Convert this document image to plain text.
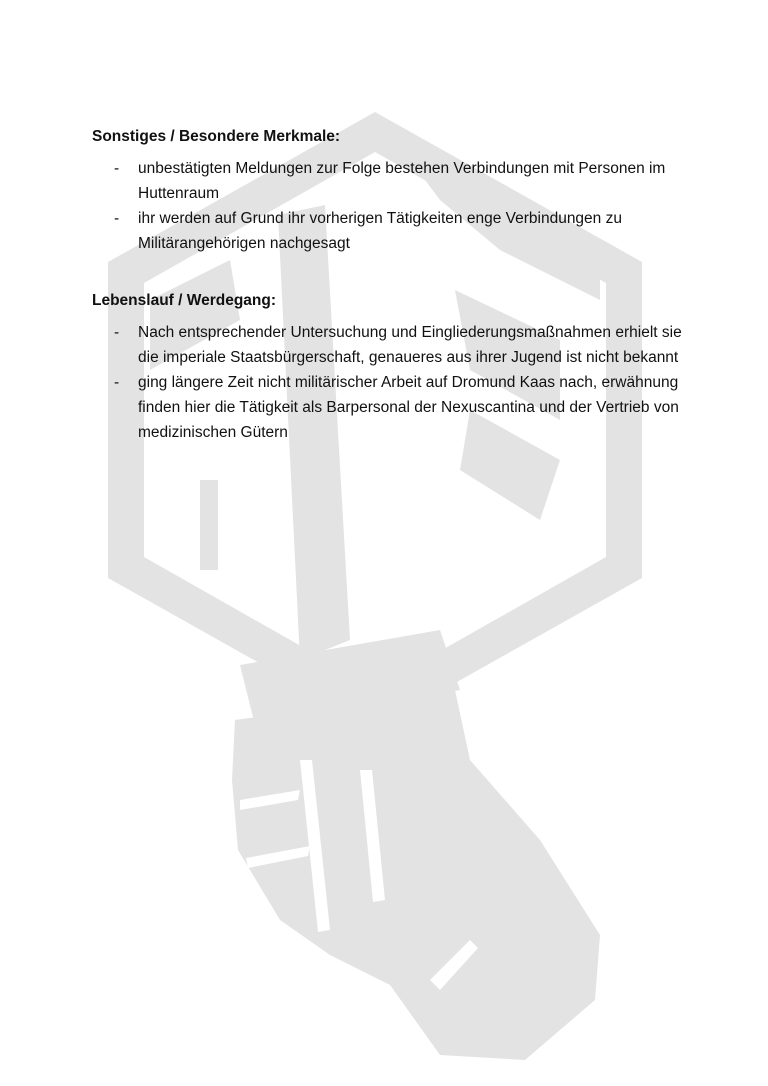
Sonstiges / Besondere Merkmale:
- unbestätigten Meldungen zur Folge bestehen Verbindungen mit Personen im Huttenraum
- ihr werden auf Grund ihr vorherigen Tätigkeiten enge Verbindungen zu Militärangehörigen nachgesagt
Lebenslauf / Werdegang:
- Nach entsprechender Untersuchung und Eingliederungsmaßnahmen erhielt sie die imperiale Staatsbürgerschaft, genaueres aus ihrer Jugend ist nicht bekannt
- ging längere Zeit nicht militärischer Arbeit auf Dromund Kaas nach, erwähnung finden hier die Tätigkeit als Barpersonal der Nexuscantina und der Vertrieb von medizinischen Gütern
